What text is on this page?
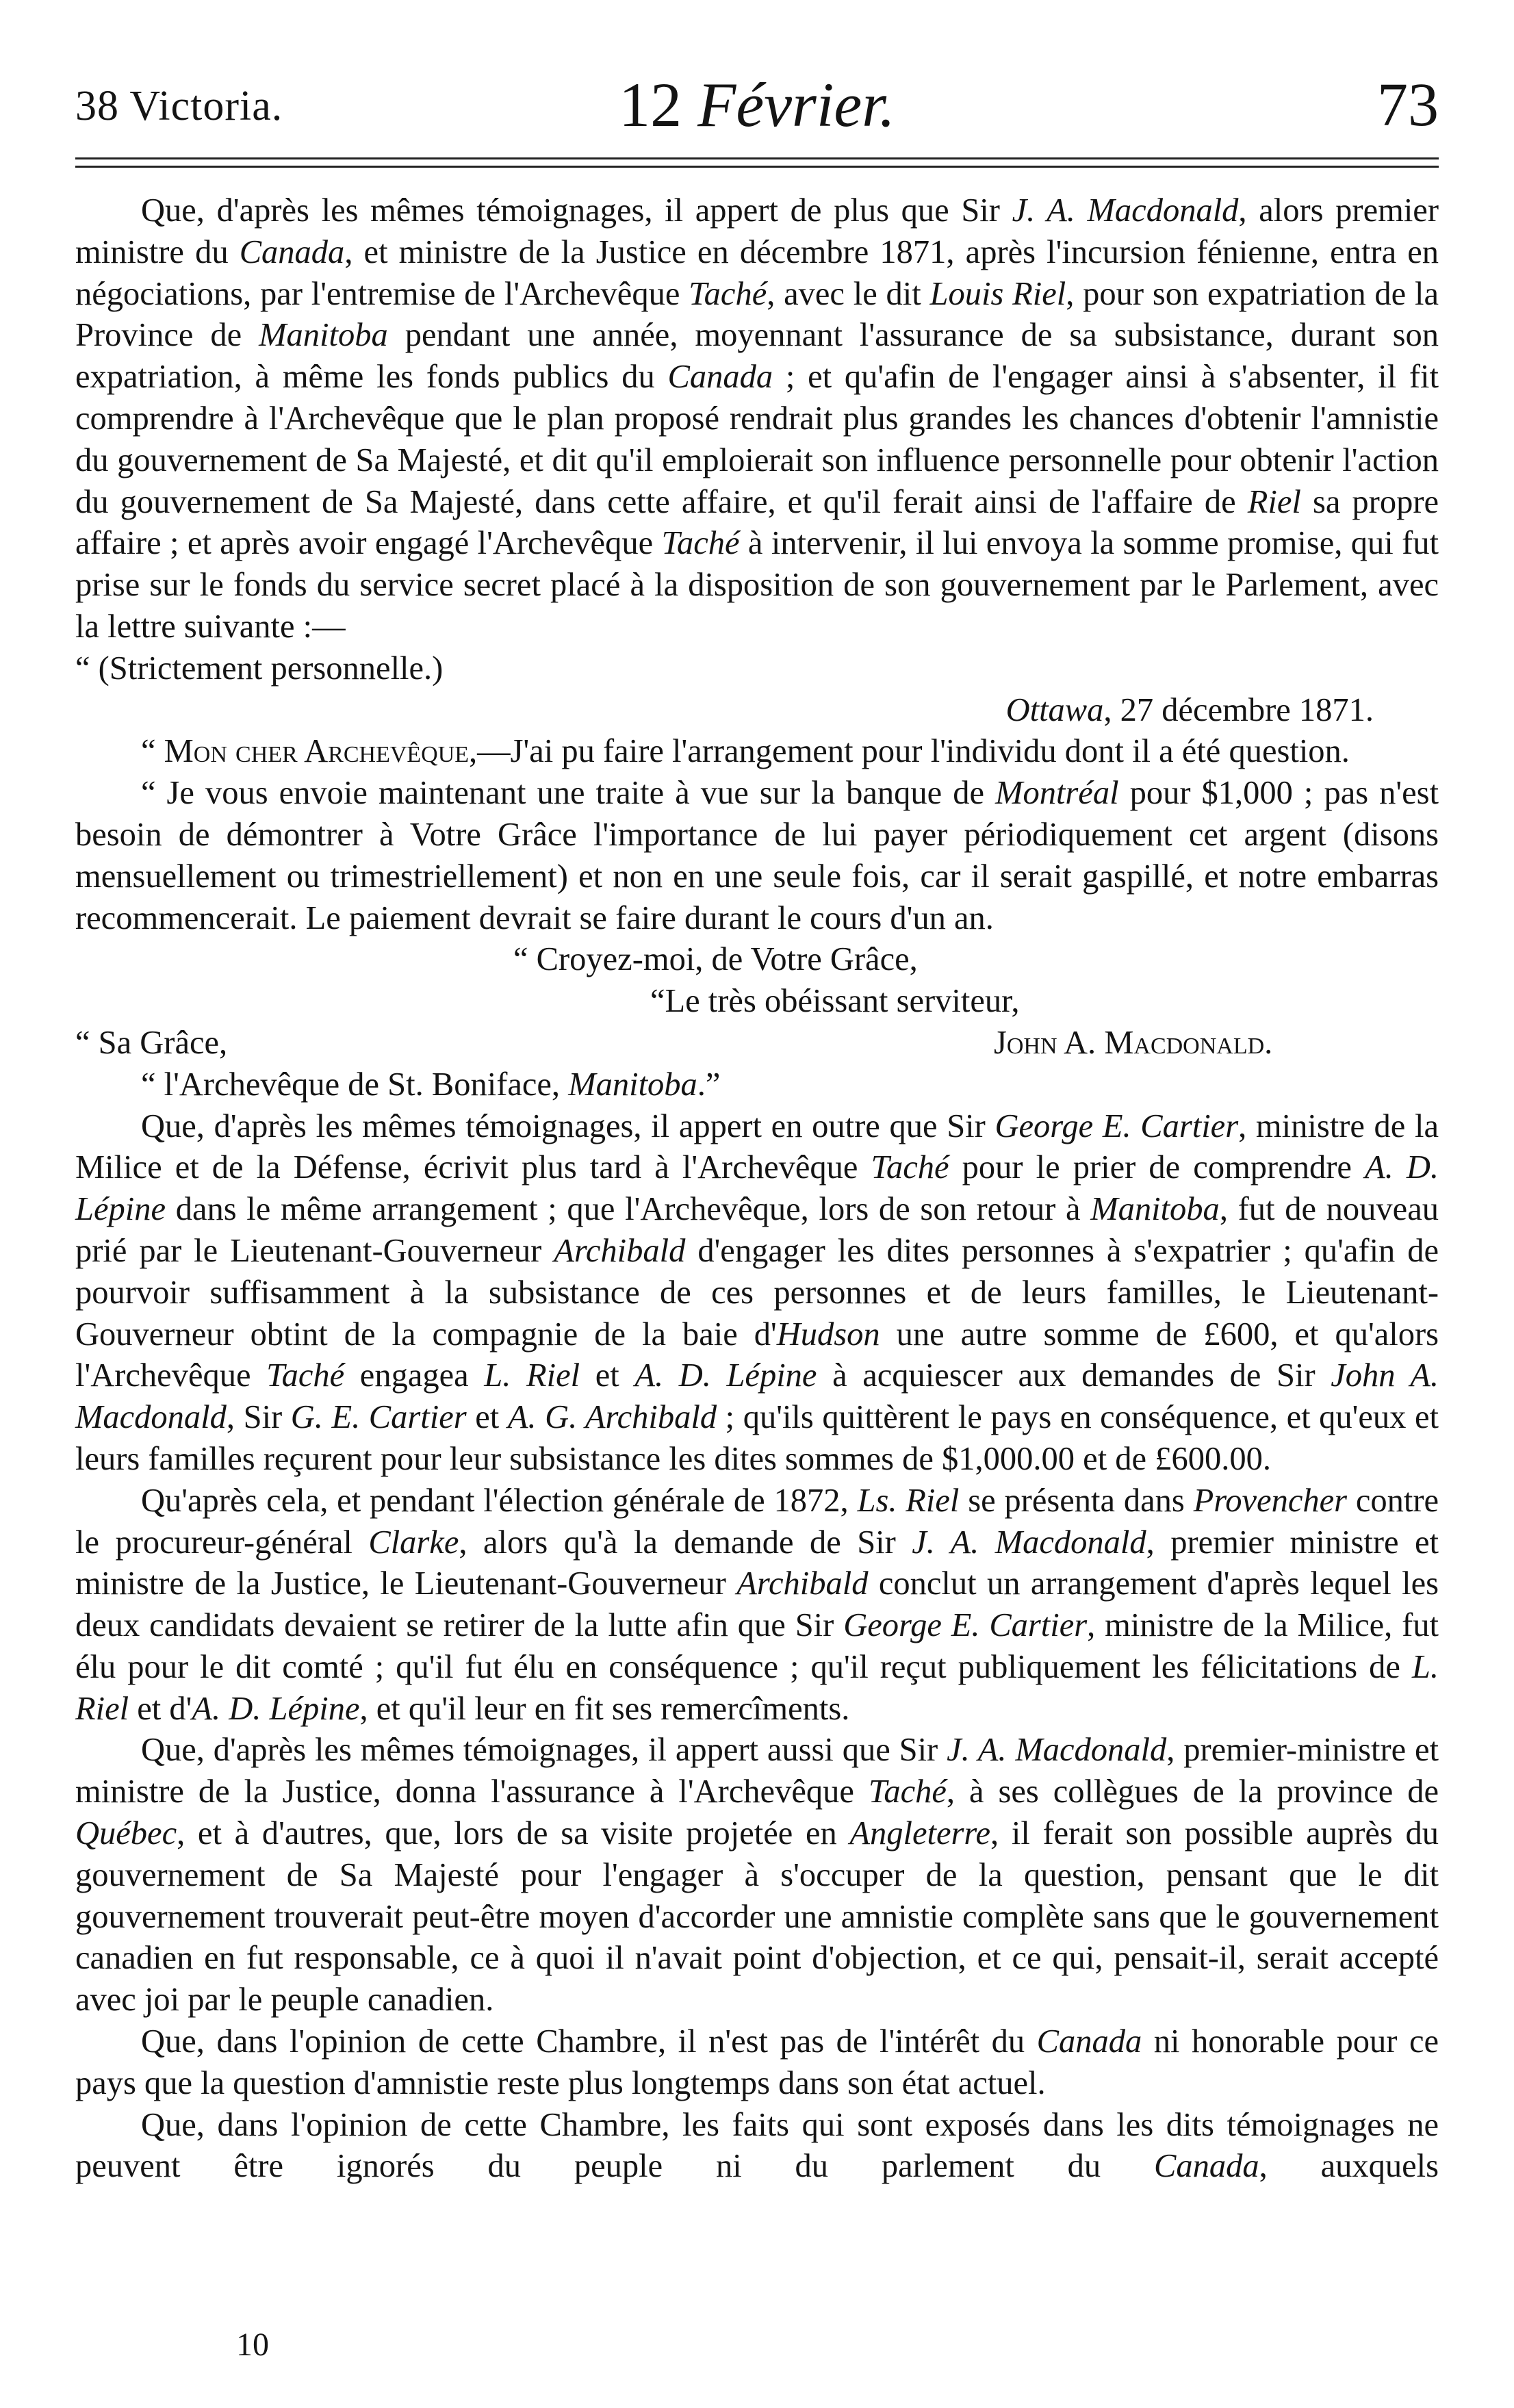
38 Victoria.	12 Février.	73

Que, d'après les mêmes témoignages, il appert de plus que Sir J. A. Macdonald, alors premier ministre du Canada, et ministre de la Justice en décembre 1871, après l'incursion fénienne, entra en négociations, par l'entremise de l'Archevêque Taché, avec le dit Louis Riel, pour son expatriation de la Province de Manitoba pendant une année, moyennant l'assurance de sa subsistance, durant son expatriation, à même les fonds publics du Canada ; et qu'afin de l'engager ainsi à s'absenter, il fit comprendre à l'Archevêque que le plan proposé rendrait plus grandes les chances d'obtenir l'amnistie du gouvernement de Sa Majesté, et dit qu'il emploierait son influence personnelle pour obtenir l'action du gouvernement de Sa Majesté, dans cette affaire, et qu'il ferait ainsi de l'affaire de Riel sa propre affaire ; et après avoir engagé l'Archevêque Taché à intervenir, il lui envoya la somme promise, qui fut prise sur le fonds du service secret placé à la disposition de son gouvernement par le Parlement, avec la lettre suivante :—

“ (Strictement personnelle.)
Ottawa, 27 décembre 1871.

“ Mon cher Archevêque,—J'ai pu faire l'arrangement pour l'individu dont il a été question.

“ Je vous envoie maintenant une traite à vue sur la banque de Montréal pour $1,000 ; pas n'est besoin de démontrer à Votre Grâce l'importance de lui payer périodiquement cet argent (disons mensuellement ou trimestriellement) et non en une seule fois, car il serait gaspillé, et notre embarras recommencerait. Le paiement devrait se faire durant le cours d'un an.

“ Croyez-moi, de Votre Grâce,
“Le très obéissant serviteur,
“ Sa Grâce,	John A. Macdonald.
“ l'Archevêque de St. Boniface, Manitoba.”

Que, d'après les mêmes témoignages, il appert en outre que Sir George E. Cartier, ministre de la Milice et de la Défense, écrivit plus tard à l'Archevêque Taché pour le prier de comprendre A. D. Lépine dans le même arrangement ; que l'Archevêque, lors de son retour à Manitoba, fut de nouveau prié par le Lieutenant-Gouverneur Archibald d'engager les dites personnes à s'expatrier ; qu'afin de pourvoir suffisamment à la subsistance de ces personnes et de leurs familles, le Lieutenant-Gouverneur obtint de la compagnie de la baie d'Hudson une autre somme de £600, et qu'alors l'Archevêque Taché engagea L. Riel et A. D. Lépine à acquiescer aux demandes de Sir John A. Macdonald, Sir G. E. Cartier et A. G. Archibald ; qu'ils quittèrent le pays en conséquence, et qu'eux et leurs familles reçurent pour leur subsistance les dites sommes de $1,000.00 et de £600.00.

Qu'après cela, et pendant l'élection générale de 1872, Ls. Riel se présenta dans Provencher contre le procureur-général Clarke, alors qu'à la demande de Sir J. A. Macdonald, premier ministre et ministre de la Justice, le Lieutenant-Gouverneur Archibald conclut un arrangement d'après lequel les deux candidats devaient se retirer de la lutte afin que Sir George E. Cartier, ministre de la Milice, fut élu pour le dit comté ; qu'il fut élu en conséquence ; qu'il reçut publiquement les félicitations de L. Riel et d'A. D. Lépine, et qu'il leur en fit ses remercîments.

Que, d'après les mêmes témoignages, il appert aussi que Sir J. A. Macdonald, premier-ministre et ministre de la Justice, donna l'assurance à l'Archevêque Taché, à ses collègues de la province de Québec, et à d'autres, que, lors de sa visite projetée en Angleterre, il ferait son possible auprès du gouvernement de Sa Majesté pour l'engager à s'occuper de la question, pensant que le dit gouvernement trouverait peut-être moyen d'accorder une amnistie complète sans que le gouvernement canadien en fut responsable, ce à quoi il n'avait point d'objection, et ce qui, pensait-il, serait accepté avec joi par le peuple canadien.

Que, dans l'opinion de cette Chambre, il n'est pas de l'intérêt du Canada ni honorable pour ce pays que la question d'amnistie reste plus longtemps dans son état actuel.

Que, dans l'opinion de cette Chambre, les faits qui sont exposés dans les dits témoignages ne peuvent être ignorés du peuple ni du parlement du Canada, auxquels

10
